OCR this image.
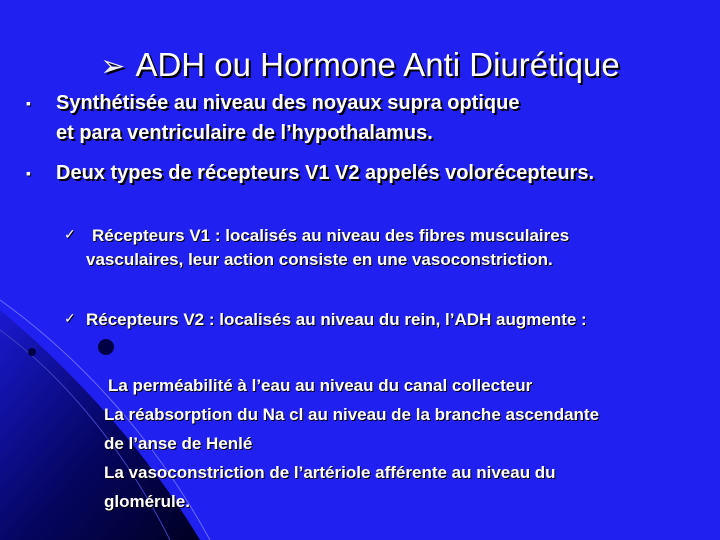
➢ ADH ou Hormone Anti Diurétique
▪ Synthétisée au niveau des noyaux supra optique
et para ventriculaire de l’hypothalamus.
▪ Deux types de récepteurs V1 V2 appelés volorécepteurs.
✓ Récepteurs V1 : localisés au niveau des fibres musculaires
vasculaires, leur action consiste en une vasoconstriction.
✓ Récepteurs V2 : localisés au niveau du rein, l’ADH augmente :
La perméabilité à l’eau au niveau du canal collecteur
La réabsorption du Na cl au niveau de la branche ascendante
de l’anse de Henlé
La vasoconstriction de l’artériole afférente au niveau du
glomérule.
